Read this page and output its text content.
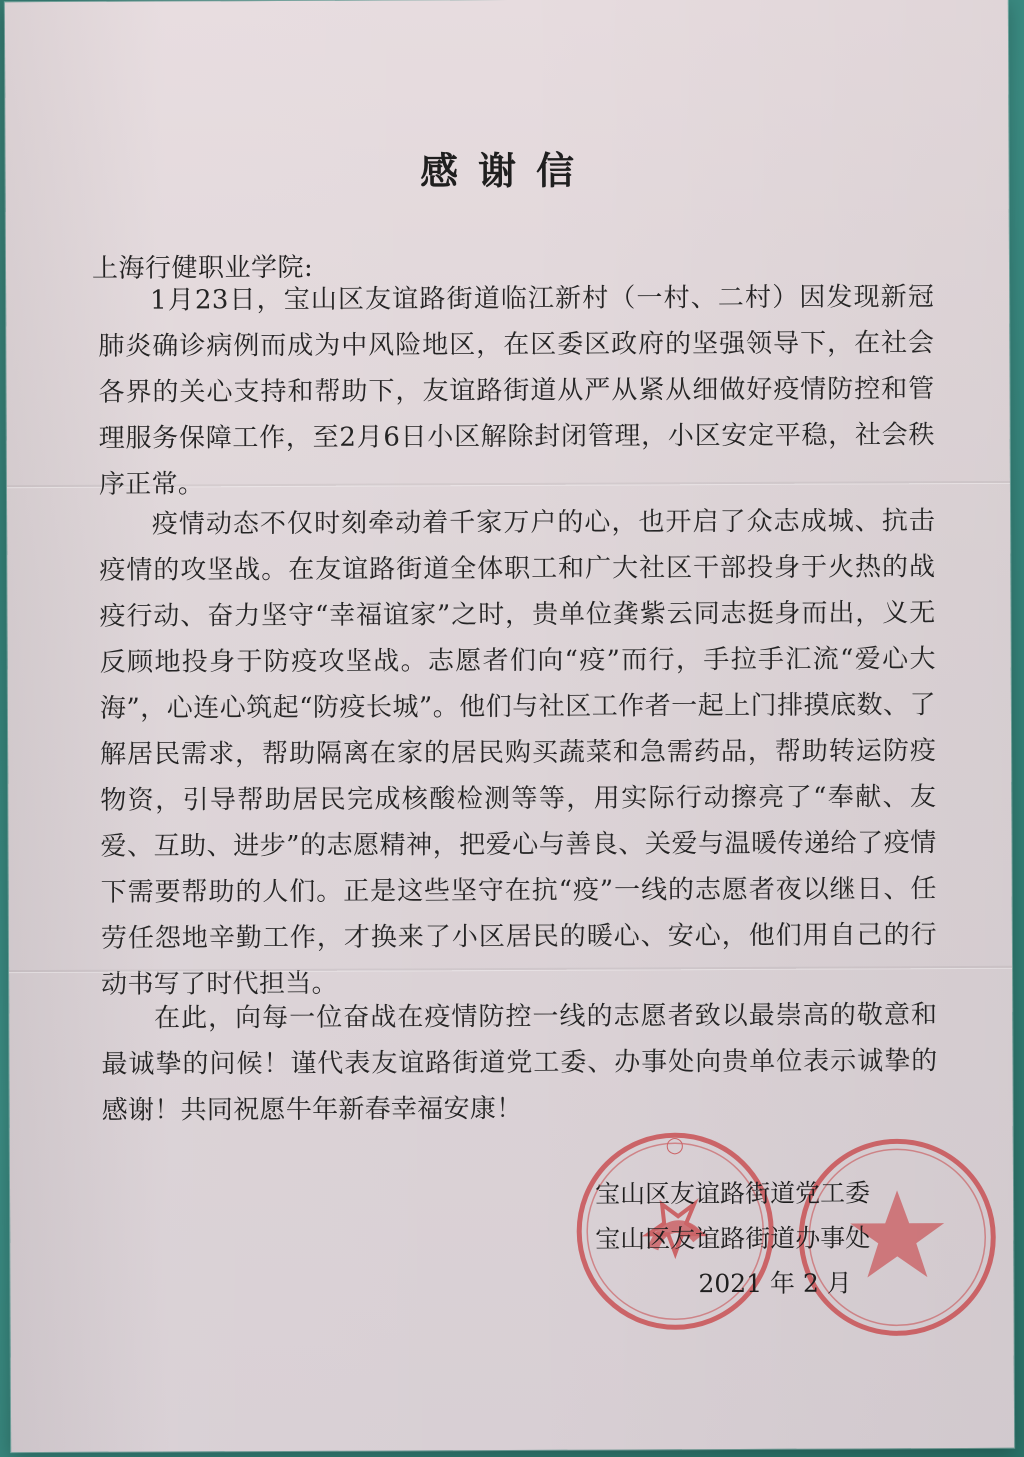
感谢信
上海行健职业学院:
1月23日，宝山区友谊路街道临江新村（一村、二村）因发现新冠肺炎确诊病例而成为中风险地区，在区委区政府的坚强领导下，在社会各界的关心支持和帮助下，友谊路街道从严从紧从细做好疫情防控和管理服务保障工作，至2月6日小区解除封闭管理，小区安定平稳，社会秩序正常。
疫情动态不仅时刻牵动着千家万户的心，也开启了众志成城、抗击疫情的攻坚战。在友谊路街道全体职工和广大社区干部投身于火热的战疫行动、奋力坚守“幸福谊家”之时，贵单位龚紫云同志挺身而出，义无反顾地投身于防疫攻坚战。志愿者们向“疫”而行，手拉手汇流“爱心大海”，心连心筑起“防疫长城”。他们与社区工作者一起上门排摸底数、了解居民需求，帮助隔离在家的居民购买蔬菜和急需药品，帮助转运防疫物资，引导帮助居民完成核酸检测等等，用实际行动擦亮了“奉献、友爱、互助、进步”的志愿精神，把爱心与善良、关爱与温暖传递给了疫情下需要帮助的人们。正是这些坚守在抗“疫”一线的志愿者夜以继日、任劳任怨地辛勤工作，才换来了小区居民的暖心、安心，他们用自己的行动书写了时代担当。
在此，向每一位奋战在疫情防控一线的志愿者致以最崇高的敬意和最诚挚的问候！谨代表友谊路街道党工委、办事处向贵单位表示诚挚的感谢！共同祝愿牛年新春幸福安康！
◯
宝山区友谊路街道党工委
宝山区友谊路街道办事处
2021 年 2 月
